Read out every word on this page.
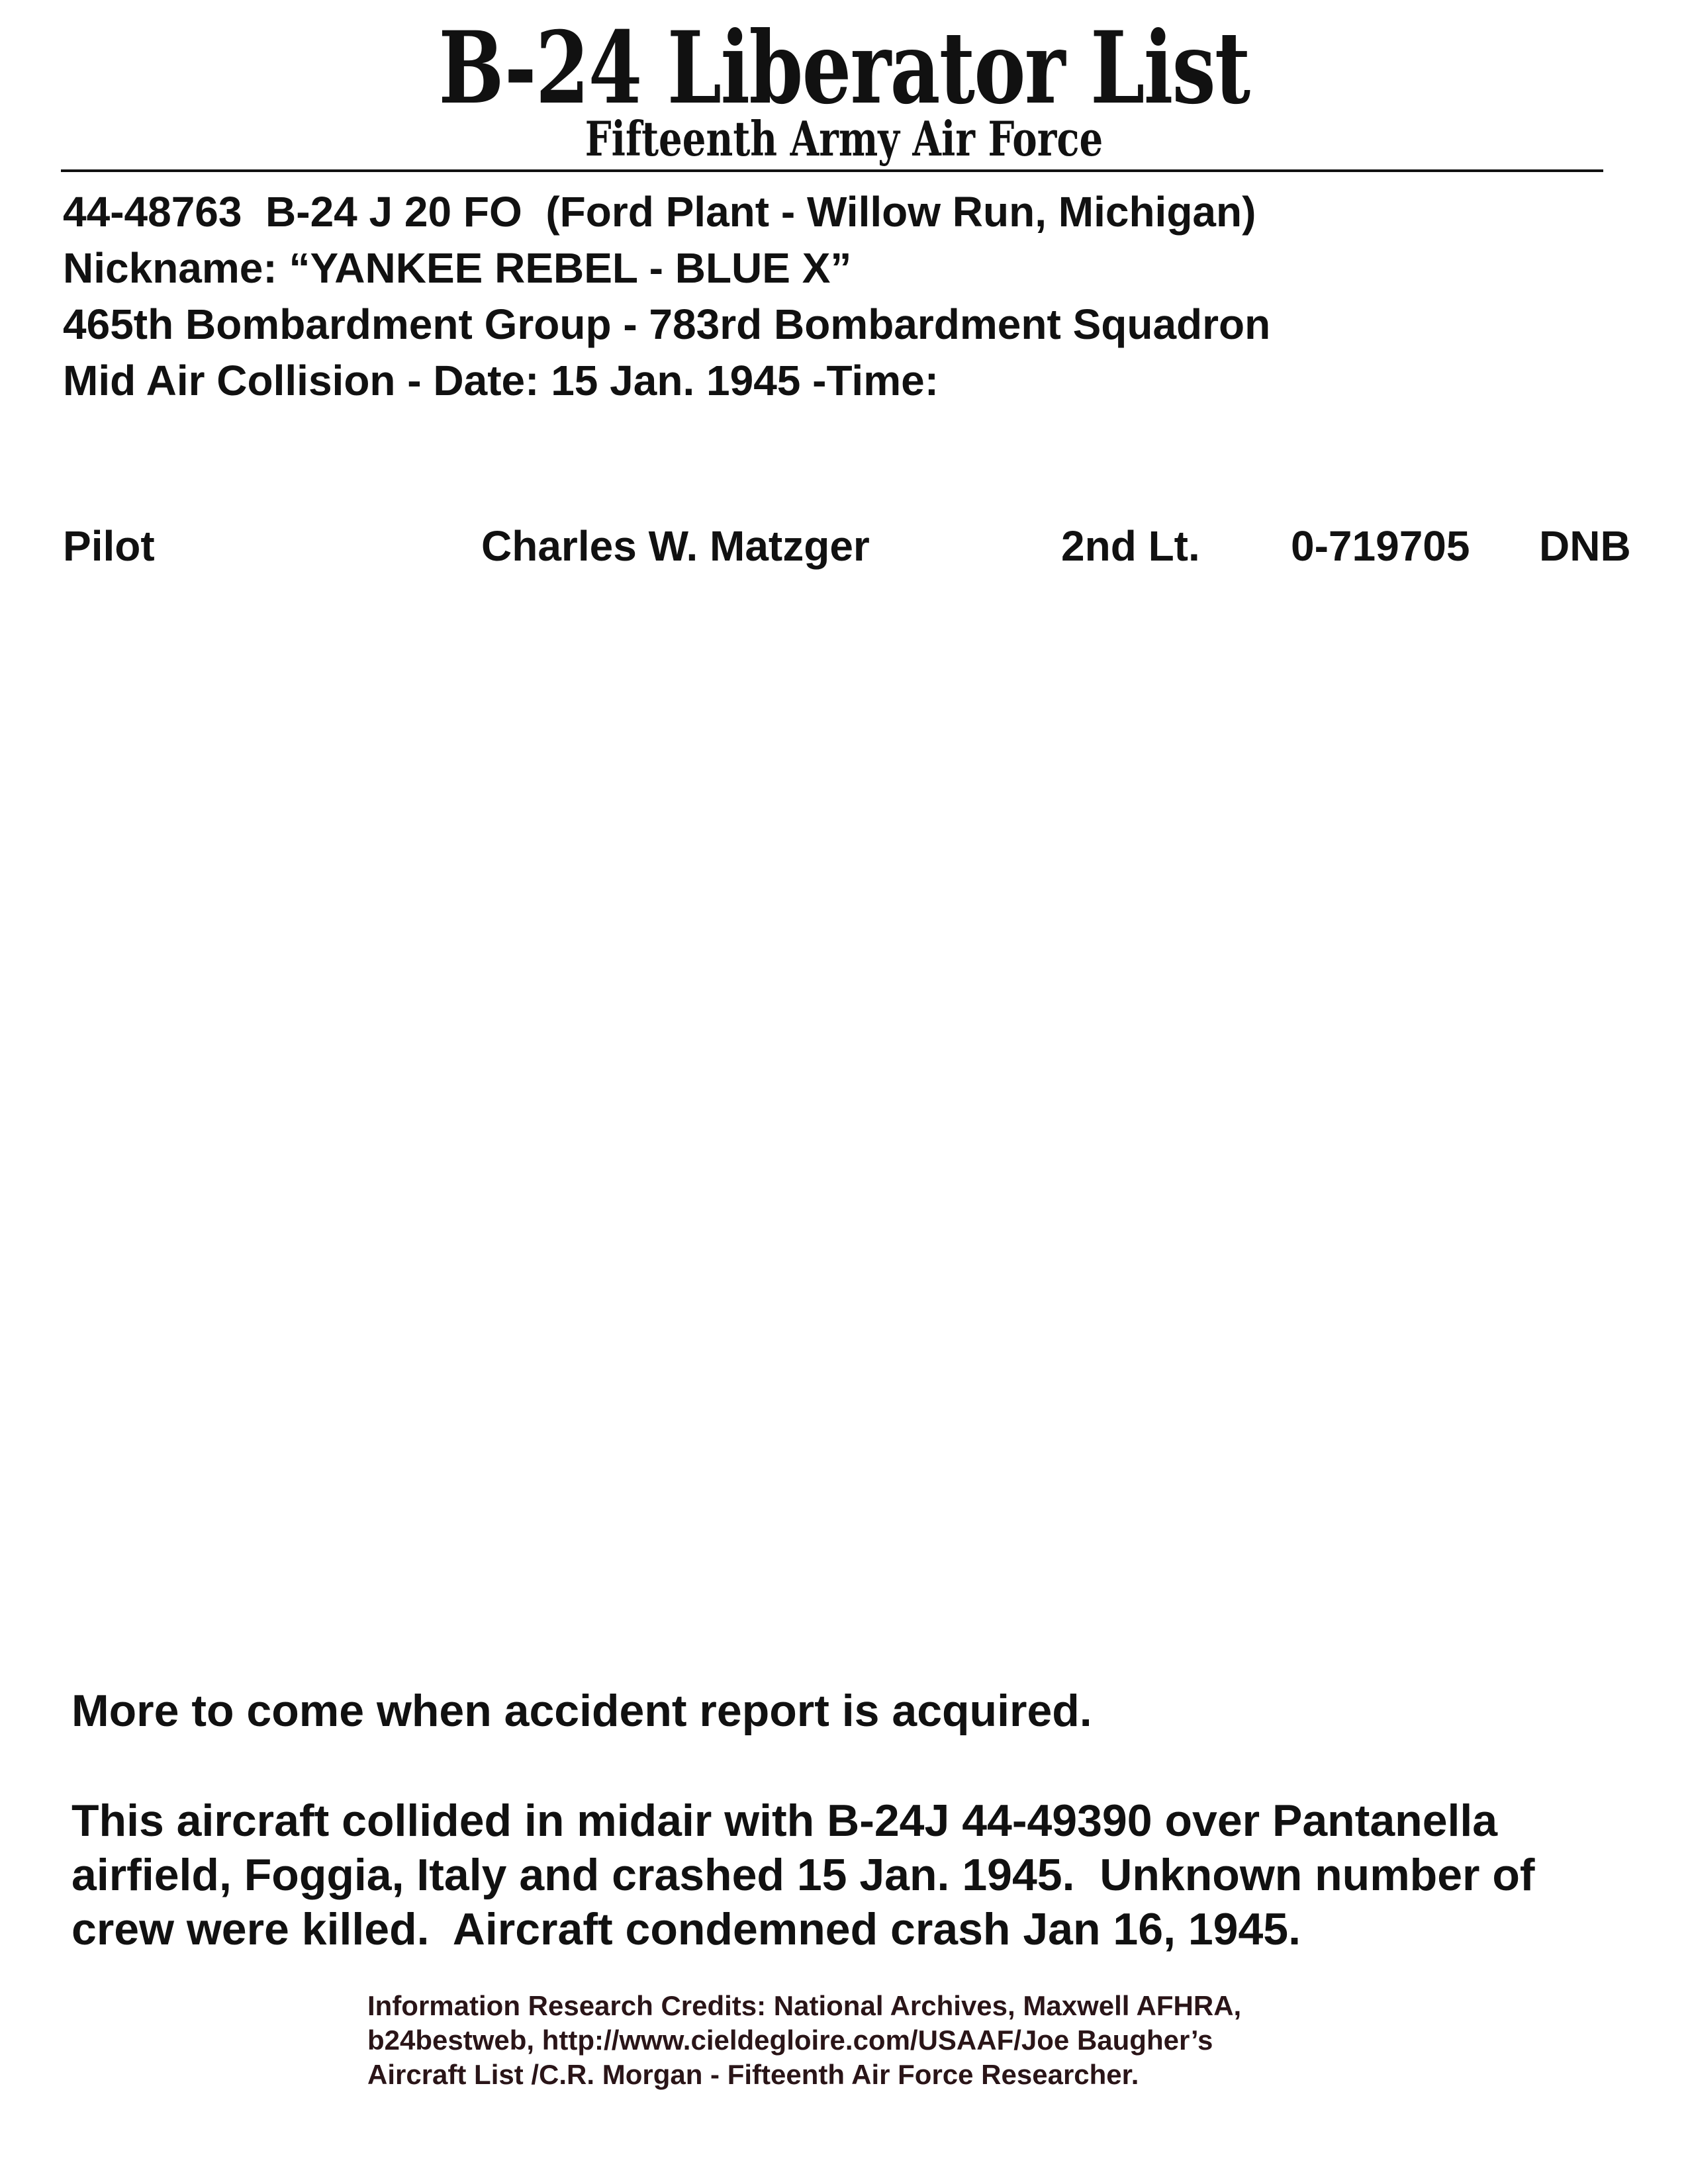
B-24 Liberator List
Fifteenth Army Air Force
44-48763  B-24 J 20 FO  (Ford Plant - Willow Run, Michigan)
Nickname: “YANKEE REBEL - BLUE X”
465th Bombardment Group - 783rd Bombardment Squadron
Mid Air Collision - Date: 15 Jan. 1945 -Time:
Pilot	Charles W. Matzger	2nd Lt. 0-719705 DNB
More to come when accident report is acquired.
This aircraft collided in midair with B-24J 44-49390 over Pantanella
airfield, Foggia, Italy and crashed 15 Jan. 1945.  Unknown number of
crew were killed.  Aircraft condemned crash Jan 16, 1945.
Information Research Credits: National Archives, Maxwell AFHRA,
b24bestweb, http://www.cieldegloire.com/USAAF/Joe Baugher’s
Aircraft List /C.R. Morgan - Fifteenth Air Force Researcher.
